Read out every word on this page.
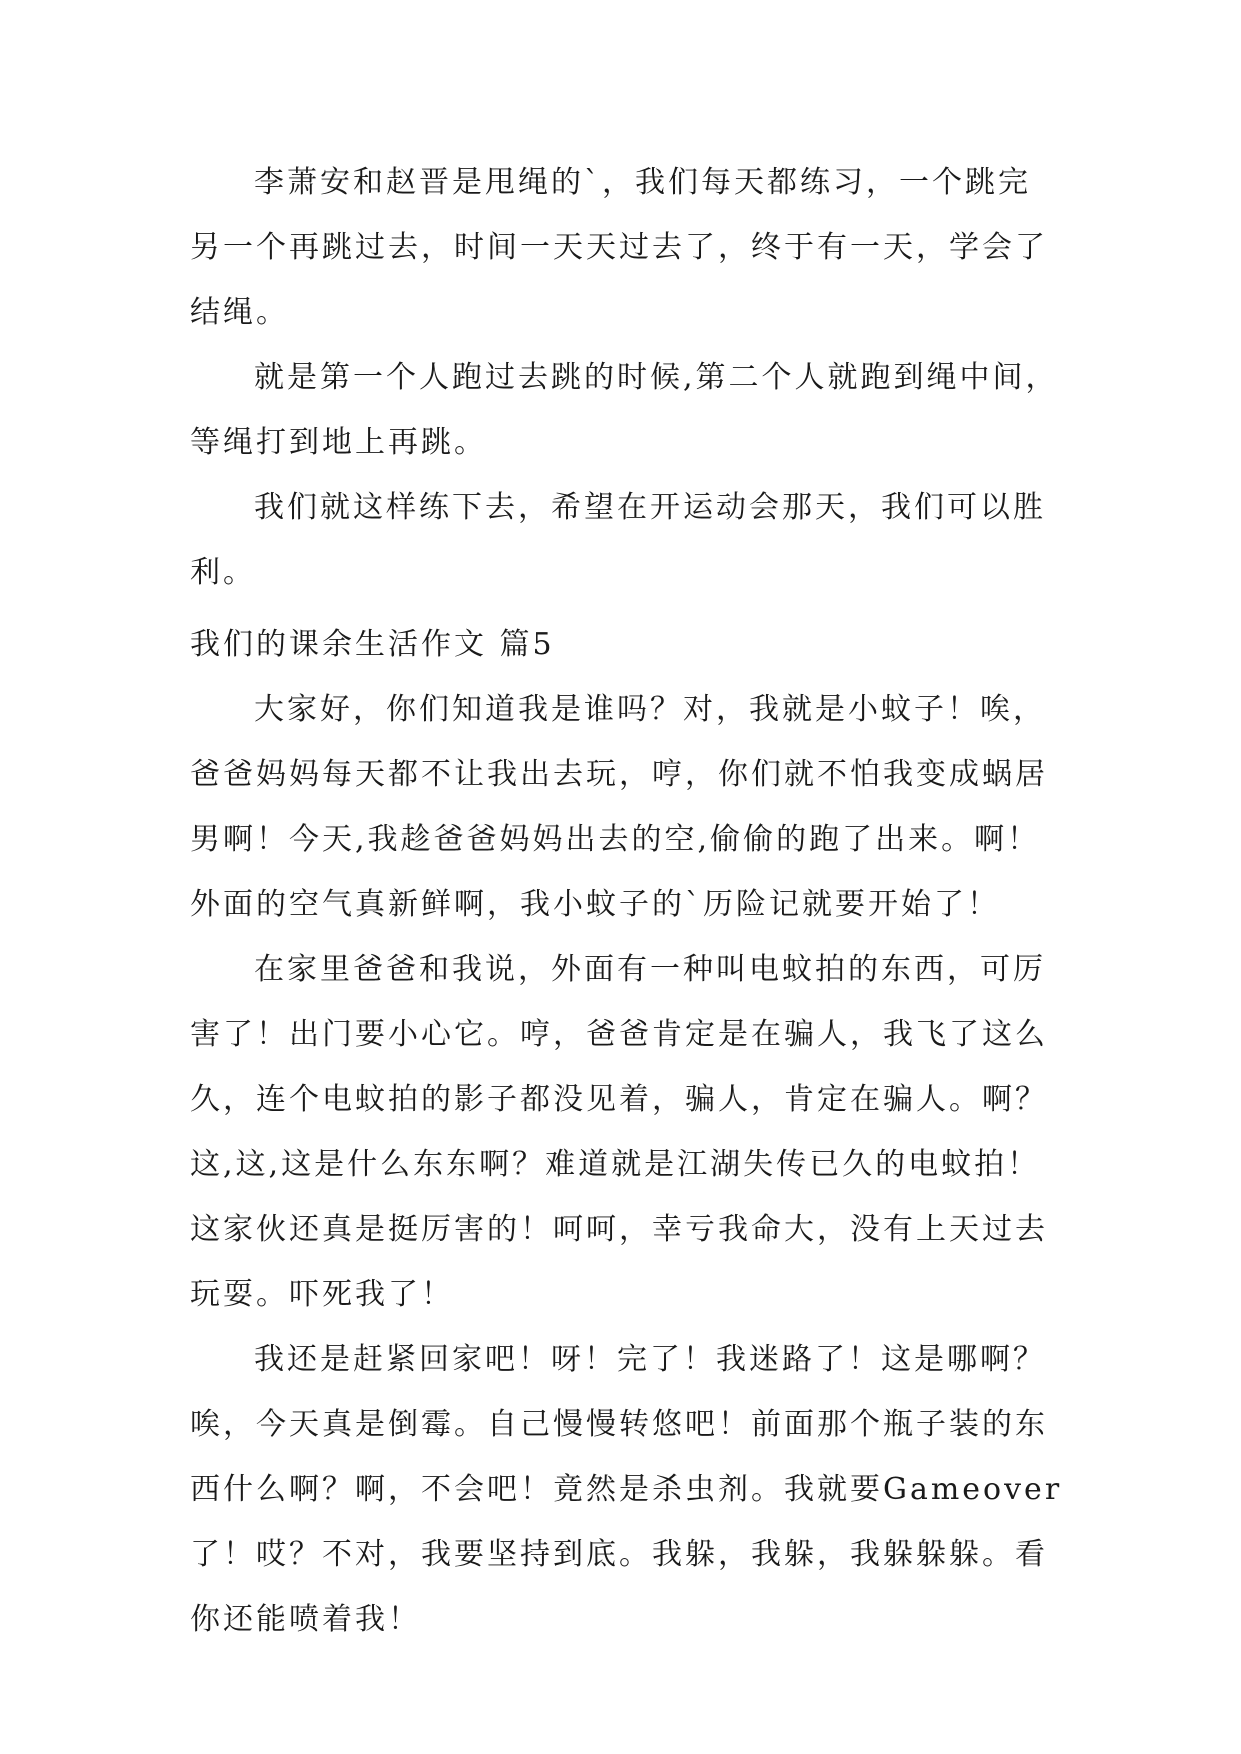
李萧安和赵晋是甩绳的`，我们每天都练习，一个跳完
另一个再跳过去，时间一天天过去了，终于有一天，学会了
结绳。
就是第一个人跑过去跳的时候,第二个人就跑到绳中间，
等绳打到地上再跳。
我们就这样练下去，希望在开运动会那天，我们可以胜
利。
我们的课余生活作文 篇5
大家好，你们知道我是谁吗？对，我就是小蚊子！唉，
爸爸妈妈每天都不让我出去玩，哼，你们就不怕我变成蜗居
男啊！今天,我趁爸爸妈妈出去的空,偷偷的跑了出来。啊！
外面的空气真新鲜啊，我小蚊子的`历险记就要开始了！
在家里爸爸和我说，外面有一种叫电蚊拍的东西，可厉
害了！出门要小心它。哼，爸爸肯定是在骗人，我飞了这么
久，连个电蚊拍的影子都没见着，骗人，肯定在骗人。啊？
这,这,这是什么东东啊？难道就是江湖失传已久的电蚊拍！
这家伙还真是挺厉害的！呵呵，幸亏我命大，没有上天过去
玩耍。吓死我了！
我还是赶紧回家吧！呀！完了！我迷路了！这是哪啊？
唉，今天真是倒霉。自己慢慢转悠吧！前面那个瓶子装的东
西什么啊？啊，不会吧！竟然是杀虫剂。我就要Gameover
了！哎？不对，我要坚持到底。我躲，我躲，我躲躲躲。看
你还能喷着我！
